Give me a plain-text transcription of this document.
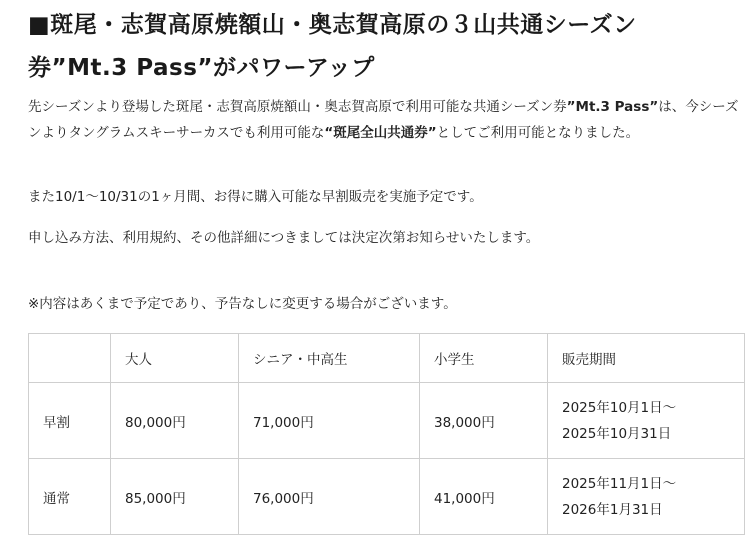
■斑尾・志賀高原焼額山・奥志賀高原の３山共通シーズン
券”Mt.3 Pass”がパワーアップ

先シーズンより登場した斑尾・志賀高原焼額山・奥志賀高原で利用可能な共通シーズン券”Mt.3 Pass”は、今シーズンよりタングラムスキーサーカスでも利用可能な“斑尾全山共通券”としてご利用可能となりました。

また10/1〜10/31の1ヶ月間、お得に購入可能な早割販売を実施予定です。

申し込み方法、利用規約、その他詳細につきましては決定次第お知らせいたします。

※内容はあくまで予定であり、予告なしに変更する場合がございます。

	大人	シニア・中高生	小学生	販売期間
早割	80,000円	71,000円	38,000円	2025年10月1日〜
2025年10月31日
通常	85,000円	76,000円	41,000円	2025年11月1日〜
2026年1月31日
